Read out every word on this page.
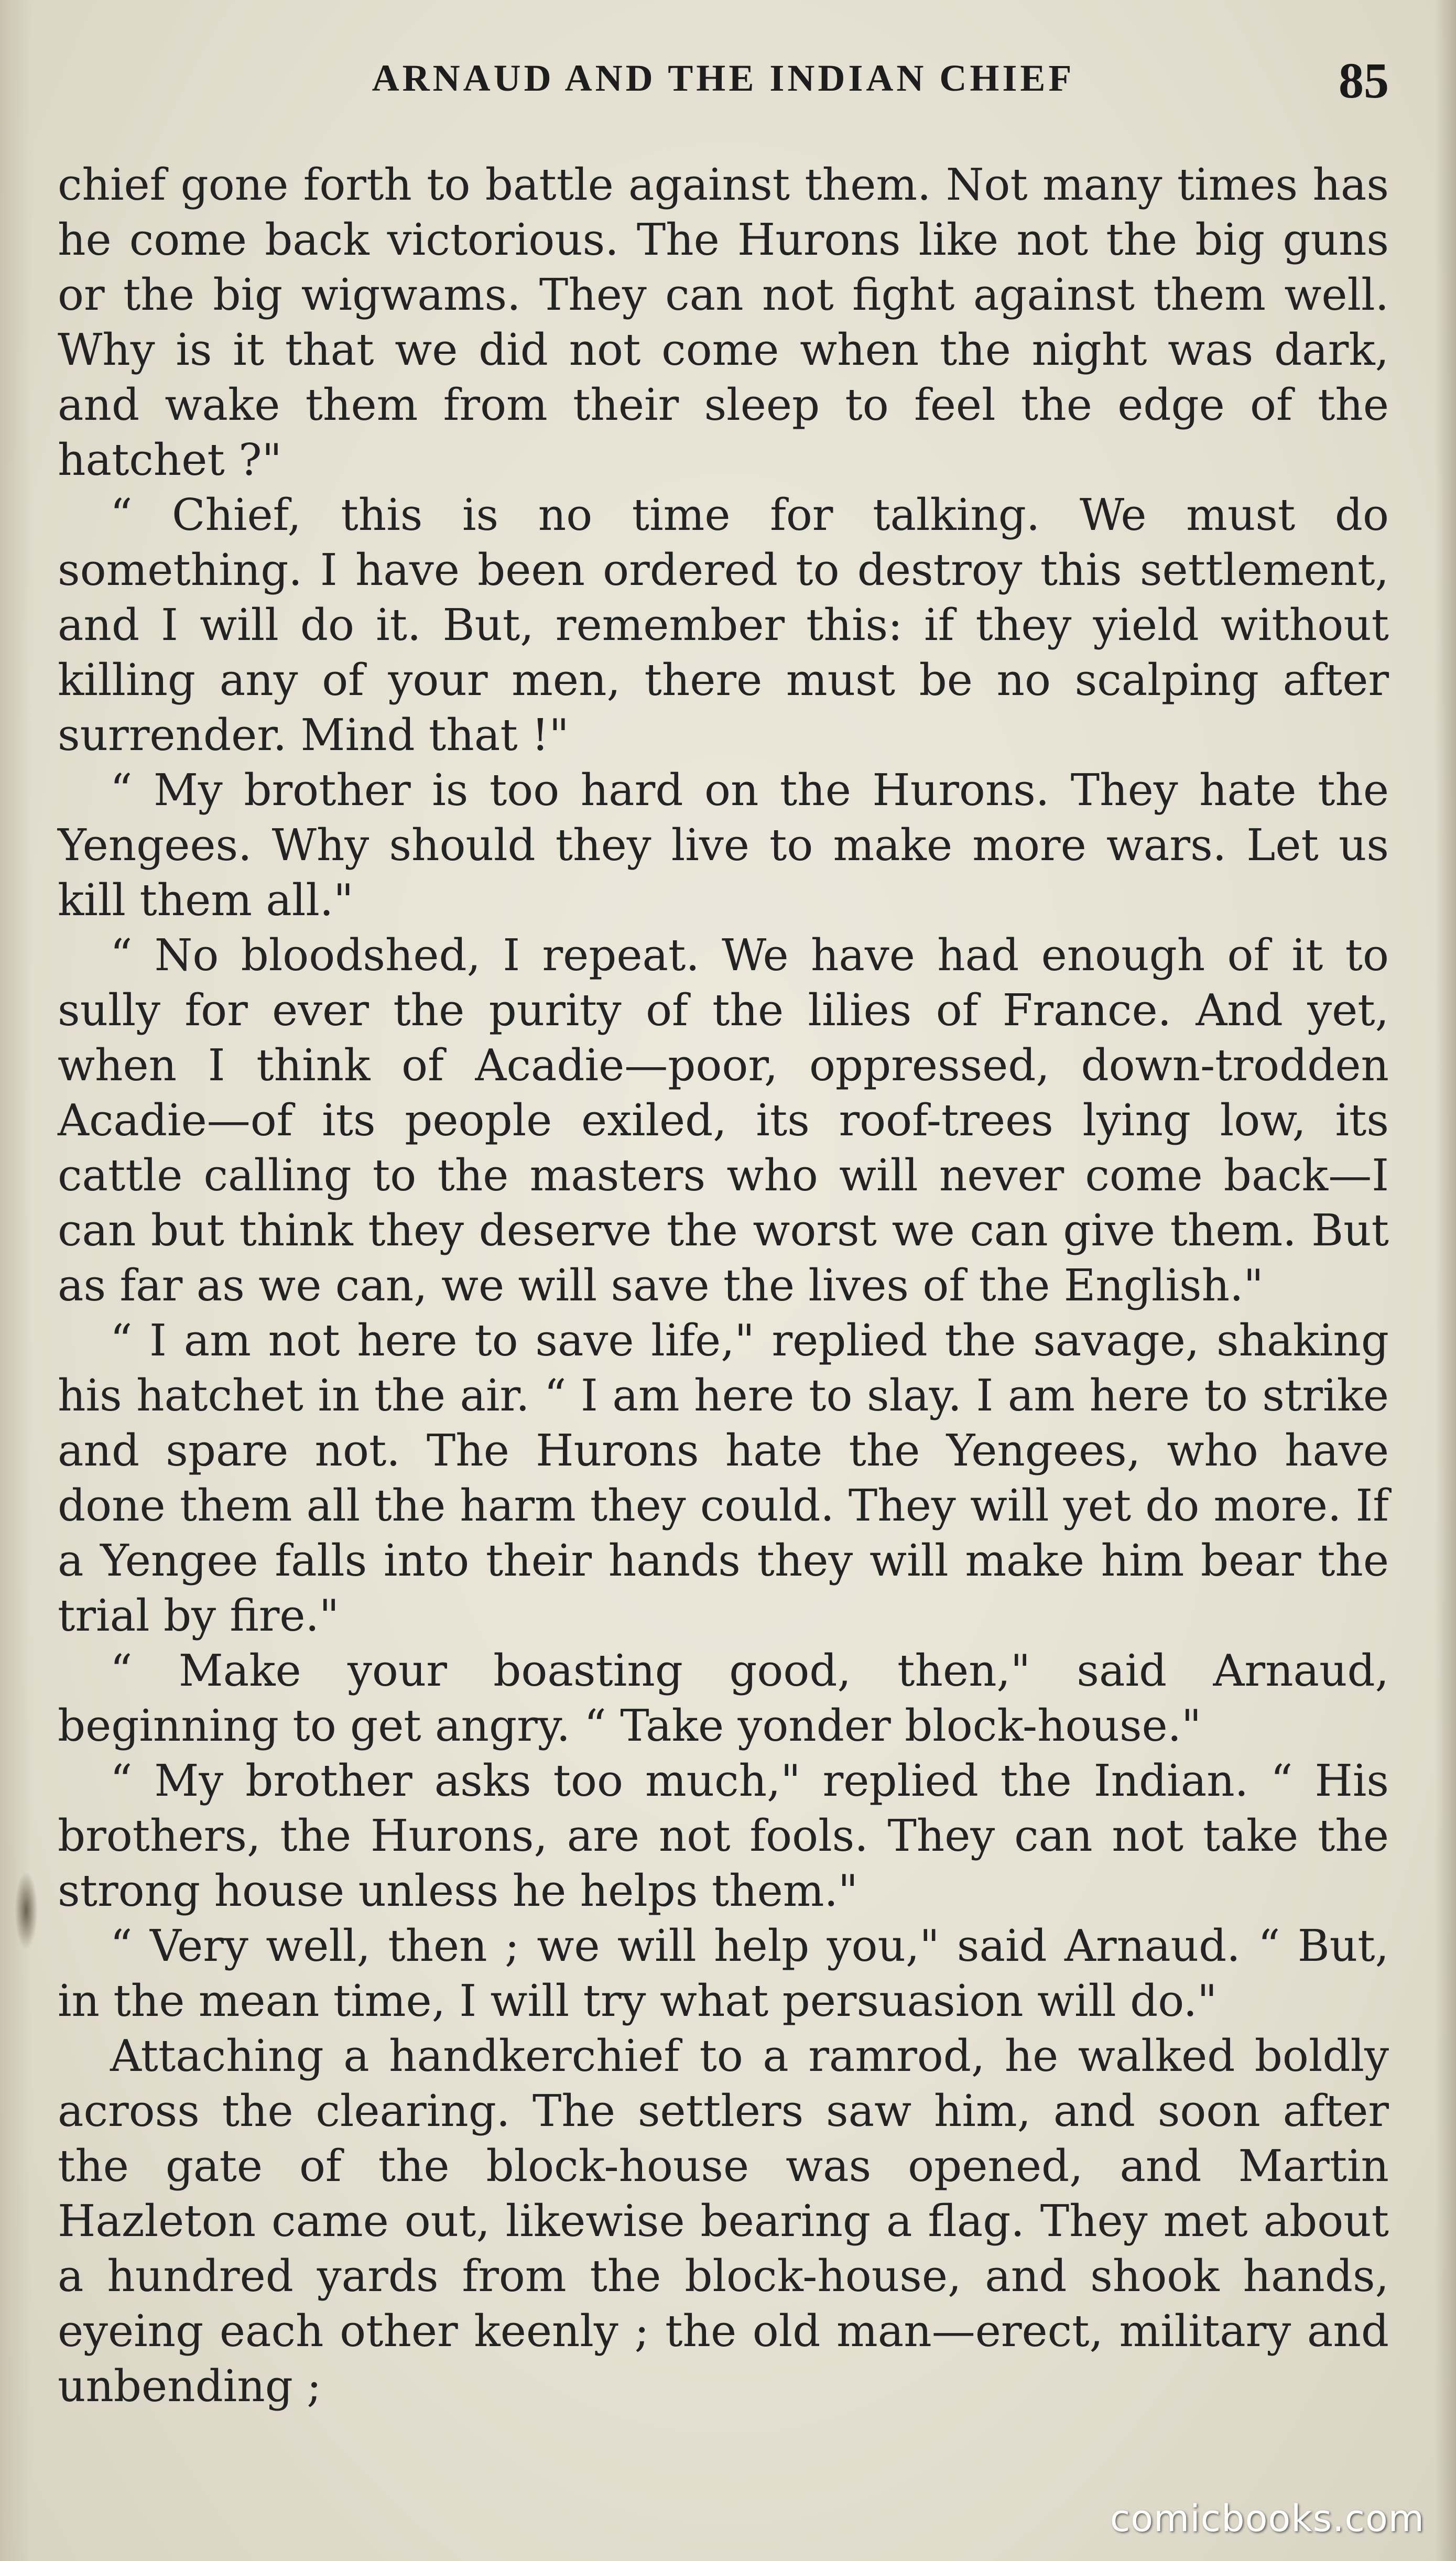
ARNAUD AND THE INDIAN CHIEF	85

chief gone forth to battle against them. Not many times has he come back victorious. The Hurons like not the big guns or the big wigwams. They can not fight against them well. Why is it that we did not come when the night was dark, and wake them from their sleep to feel the edge of the hatchet ?"

“ Chief, this is no time for talking. We must do something. I have been ordered to destroy this settlement, and I will do it. But, remember this: if they yield without killing any of your men, there must be no scalping after surrender. Mind that !"

“ My brother is too hard on the Hurons. They hate the Yengees. Why should they live to make more wars. Let us kill them all."

“ No bloodshed, I repeat. We have had enough of it to sully for ever the purity of the lilies of France. And yet, when I think of Acadie—poor, oppressed, down-trodden Acadie—of its people exiled, its roof-trees lying low, its cattle calling to the masters who will never come back—I can but think they deserve the worst we can give them. But as far as we can, we will save the lives of the English."

“ I am not here to save life," replied the savage, shaking his hatchet in the air. “ I am here to slay. I am here to strike and spare not. The Hurons hate the Yengees, who have done them all the harm they could. They will yet do more. If a Yengee falls into their hands they will make him bear the trial by fire."

“ Make your boasting good, then," said Arnaud, beginning to get angry. “ Take yonder block-house."

“ My brother asks too much," replied the Indian. “ His brothers, the Hurons, are not fools. They can not take the strong house unless he helps them."

“ Very well, then ; we will help you," said Arnaud. “ But, in the mean time, I will try what persuasion will do."

Attaching a handkerchief to a ramrod, he walked boldly across the clearing. The settlers saw him, and soon after the gate of the block-house was opened, and Martin Hazleton came out, likewise bearing a flag. They met about a hundred yards from the block-house, and shook hands, eyeing each other keenly ; the old man—erect, military and unbending ;

comicbooks.com
